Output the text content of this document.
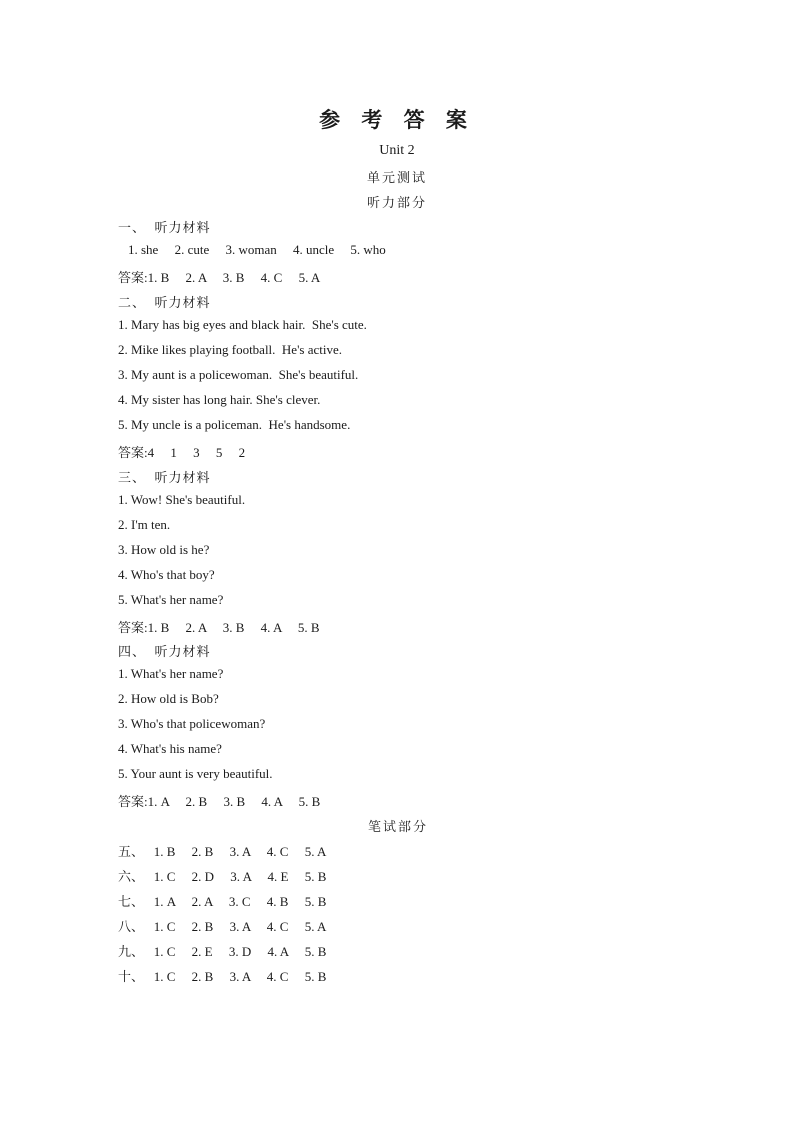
参 考 答 案
Unit 2
单元测试
听力部分
一、  听力材料
1. she     2. cute     3. woman     4. uncle     5. who
答案:1. B     2. A     3. B     4. C     5. A
二、  听力材料
1. Mary has big eyes and black hair.  She's cute.
2. Mike likes playing football.  He's active.
3. My aunt is a policewoman.  She's beautiful.
4. My sister has long hair. She's clever.
5. My uncle is a policeman.  He's handsome.
答案:4     1     3     5     2
三、  听力材料
1. Wow! She's beautiful.
2. I'm ten.
3. How old is he?
4. Who's that boy?
5. What's her name?
答案:1. B     2. A     3. B     4. A     5. B
四、  听力材料
1. What's her name?
2. How old is Bob?
3. Who's that policewoman?
4. What's his name?
5. Your aunt is very beautiful.
答案:1. A     2. B     3. B     4. A     5. B
笔试部分
五、   1. B     2. B     3. A     4. C     5. A
六、   1. C     2. D     3. A     4. E     5. B
七、   1. A     2. A     3. C     4. B     5. B
八、   1. C     2. B     3. A     4. C     5. A
九、   1. C     2. E     3. D     4. A     5. B
十、   1. C     2. B     3. A     4. C     5. B
